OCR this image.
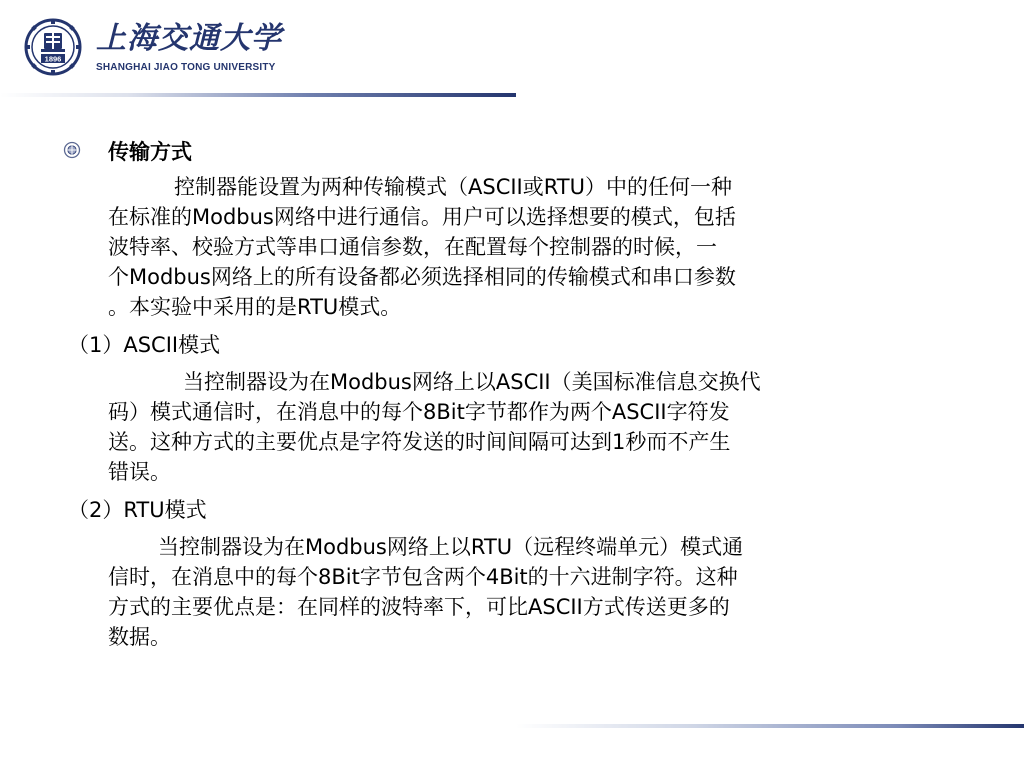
1896
上海交通大学
SHANGHAI JIAO TONG UNIVERSITY
传输方式

控制器能设置为两种传输模式（ASCII或RTU）中的任何一种
在标准的Modbus网络中进行通信。用户可以选择想要的模式，包括
波特率、校验方式等串口通信参数，在配置每个控制器的时候，一
个Modbus网络上的所有设备都必须选择相同的传输模式和串口参数
。本实验中采用的是RTU模式。

（1）ASCII模式

当控制器设为在Modbus网络上以ASCII（美国标准信息交换代
码）模式通信时，在消息中的每个8Bit字节都作为两个ASCII字符发
送。这种方式的主要优点是字符发送的时间间隔可达到1秒而不产生
错误。

（2）RTU模式

当控制器设为在Modbus网络上以RTU（远程终端单元）模式通
信时，在消息中的每个8Bit字节包含两个4Bit的十六进制字符。这种
方式的主要优点是：在同样的波特率下，可比ASCII方式传送更多的
数据。
